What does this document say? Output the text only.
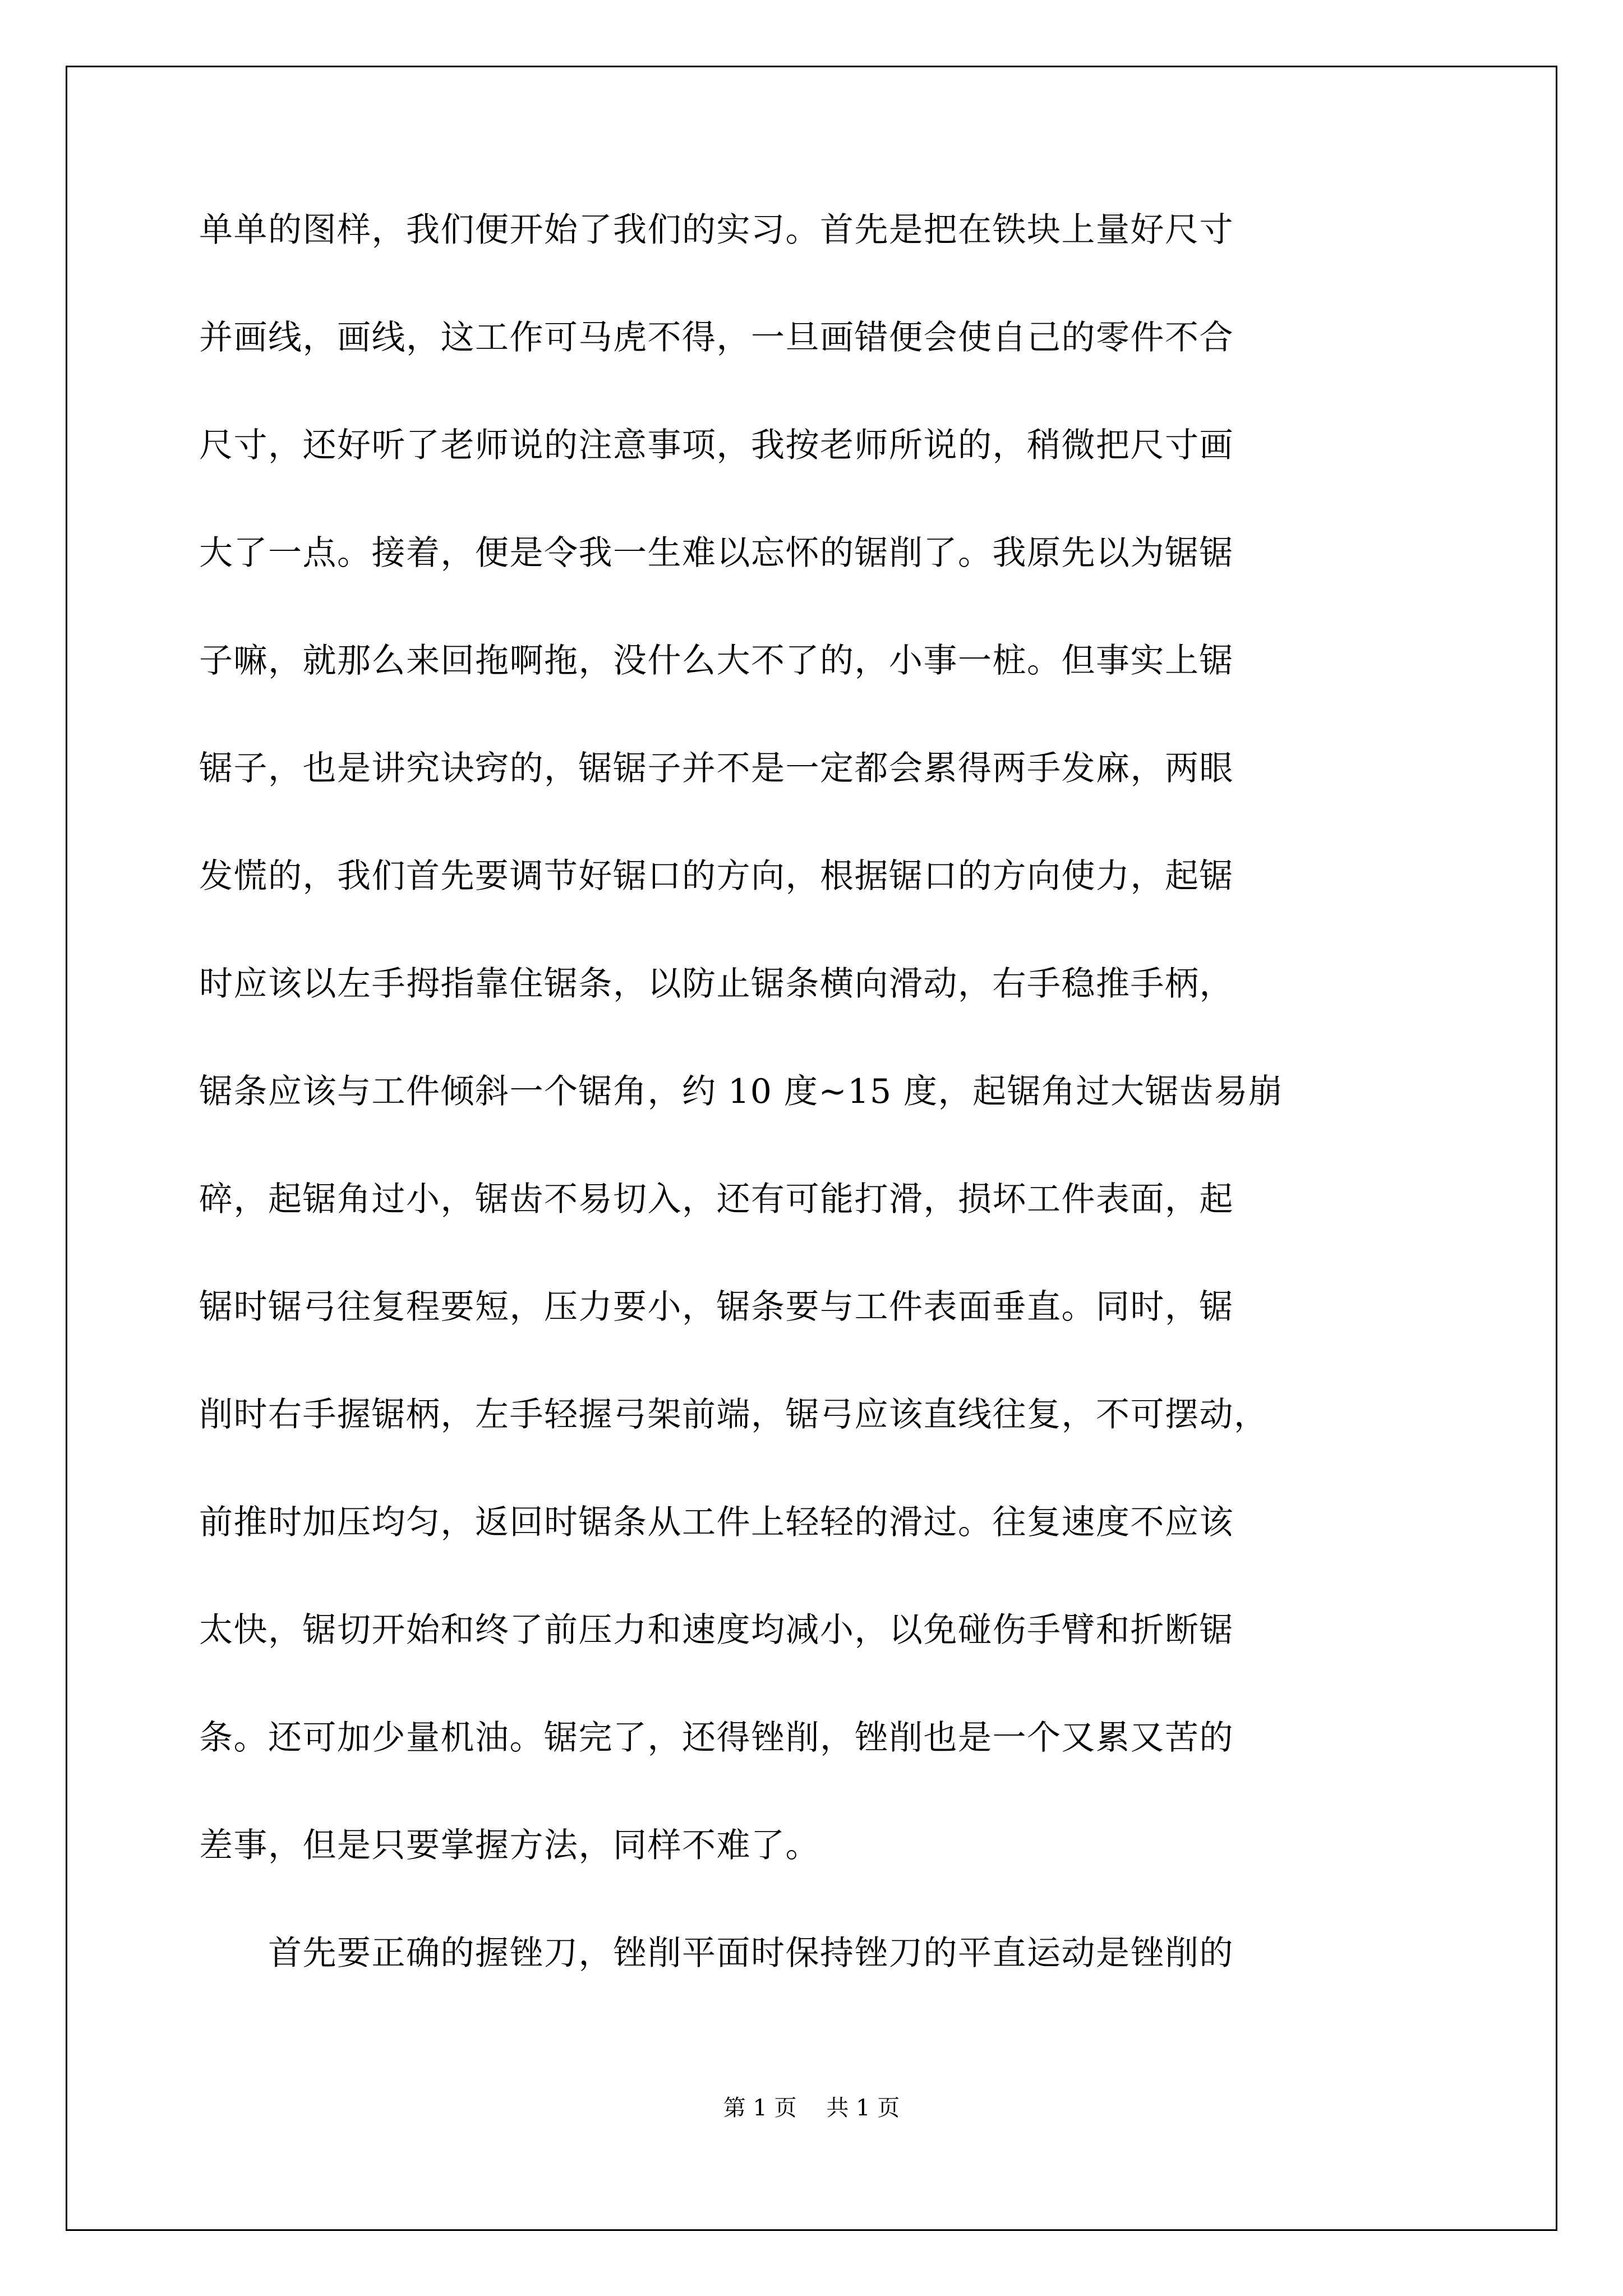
单单的图样，我们便开始了我们的实习。首先是把在铁块上量好尺寸
并画线，画线，这工作可马虎不得，一旦画错便会使自己的零件不合
尺寸，还好听了老师说的注意事项，我按老师所说的，稍微把尺寸画
大了一点。接着，便是令我一生难以忘怀的锯削了。我原先以为锯锯
子嘛，就那么来回拖啊拖，没什么大不了的，小事一桩。但事实上锯
锯子，也是讲究诀窍的，锯锯子并不是一定都会累得两手发麻，两眼
发慌的，我们首先要调节好锯口的方向，根据锯口的方向使力，起锯
时应该以左手拇指靠住锯条，以防止锯条横向滑动，右手稳推手柄，
锯条应该与工件倾斜一个锯角，约 10 度~15 度，起锯角过大锯齿易崩
碎，起锯角过小，锯齿不易切入，还有可能打滑，损坏工件表面，起
锯时锯弓往复程要短，压力要小，锯条要与工件表面垂直。同时，锯
削时右手握锯柄，左手轻握弓架前端，锯弓应该直线往复，不可摆动，
前推时加压均匀，返回时锯条从工件上轻轻的滑过。往复速度不应该
太快，锯切开始和终了前压力和速度均减小，以免碰伤手臂和折断锯
条。还可加少量机油。锯完了，还得锉削，锉削也是一个又累又苦的
差事，但是只要掌握方法，同样不难了。
　　首先要正确的握锉刀，锉削平面时保持锉刀的平直运动是锉削的
第 1 页 共 1 页
